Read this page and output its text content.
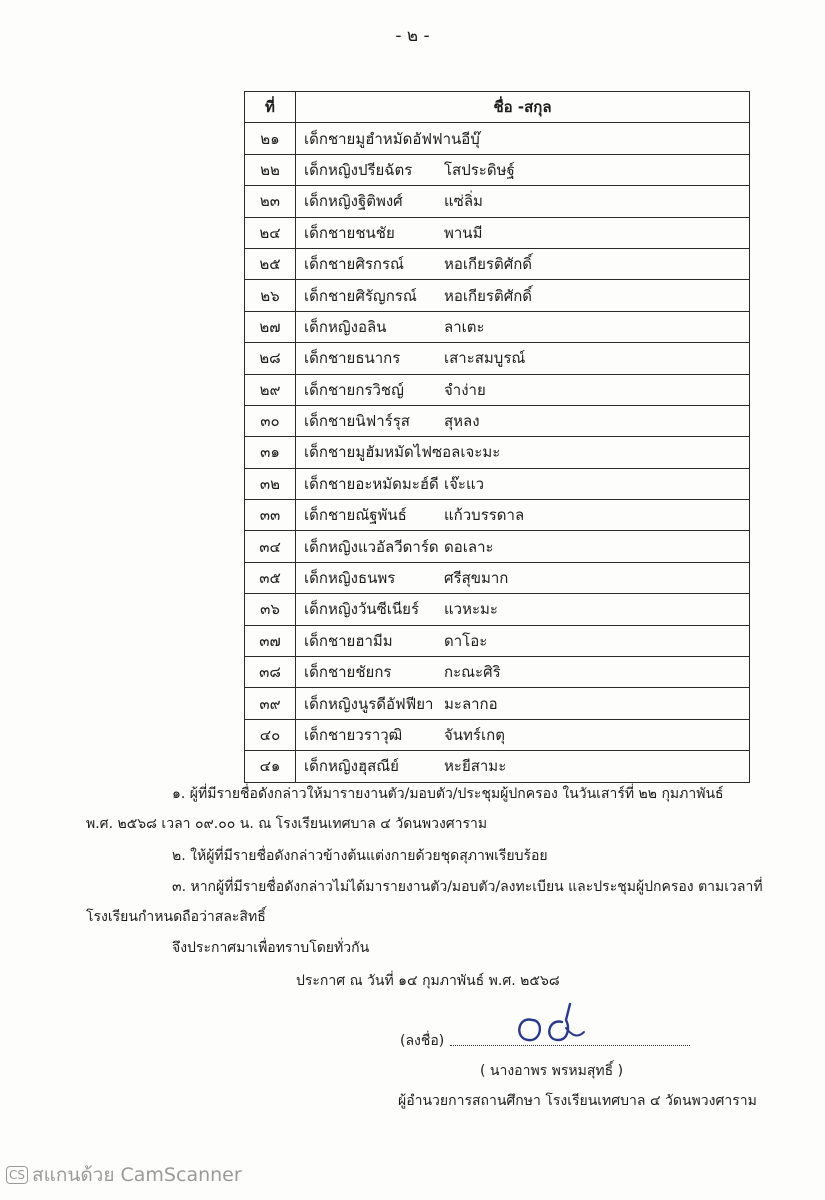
- ๒ -
ที่	ชื่อ -สกุล
๒๑	เด็กชายมูฮำหมัดอัฟฟานอีบุ๊
๒๒	เด็กหญิงปรียฉัตร โสประดิษฐ์
๒๓	เด็กหญิงฐิติพงศ์ แซ่ลิ่ม
๒๔	เด็กชายชนชัย พานมี
๒๕	เด็กชายศิรกรณ์ หอเกียรติศักดิ์
๒๖	เด็กชายศิรัญกรณ์ หอเกียรติศักดิ์
๒๗	เด็กหญิงอลิน ลาเตะ
๒๘	เด็กชายธนากร เสาะสมบูรณ์
๒๙	เด็กชายกรวิชญ์ จำง่าย
๓๐	เด็กชายนิฟาร์รุส สุหลง
๓๑	เด็กชายมูฮัมหมัดไฟซอลเจะมะ
๓๒	เด็กชายอะหมัดมะฮ์ดี เจ๊ะแว
๓๓	เด็กชายณัฐพันธ์ แก้วบรรดาล
๓๔	เด็กหญิงแวอัลวีดาร์ด ดอเลาะ
๓๕	เด็กหญิงธนพร ศรีสุขมาก
๓๖	เด็กหญิงวันซีเนียร์ แวหะมะ
๓๗	เด็กชายฮามีม ดาโอะ
๓๘	เด็กชายชัยกร กะณะศิริ
๓๙	เด็กหญิงนูรดีอัฟฟียา มะลากอ
๔๐	เด็กชายวราวุฒิ จันทร์เกตุ
๔๑	เด็กหญิงฮุสณีย์ หะยีสามะ
๑. ผู้ที่มีรายชื่อดังกล่าวให้มารายงานตัว/มอบตัว/ประชุมผู้ปกครอง ในวันเสาร์ที่ ๒๒ กุมภาพันธ์
พ.ศ. ๒๕๖๘ เวลา ๐๙.๐๐ น. ณ โรงเรียนเทศบาล ๔ วัดนพวงศาราม
๒. ให้ผู้ที่มีรายชื่อดังกล่าวข้างต้นแต่งกายด้วยชุดสุภาพเรียบร้อย
๓. หากผู้ที่มีรายชื่อดังกล่าวไม่ได้มารายงานตัว/มอบตัว/ลงทะเบียน และประชุมผู้ปกครอง ตามเวลาที่
โรงเรียนกำหนดถือว่าสละสิทธิ์
จึงประกาศมาเพื่อทราบโดยทั่วกัน
ประกาศ ณ วันที่ ๑๔ กุมภาพันธ์ พ.ศ. ๒๕๖๘
(ลงชื่อ)
( นางอาพร พรหมสุทธิ์ )
ผู้อำนวยการสถานศึกษา โรงเรียนเทศบาล ๔ วัดนพวงศาราม
CS สแกนด้วย CamScanner
